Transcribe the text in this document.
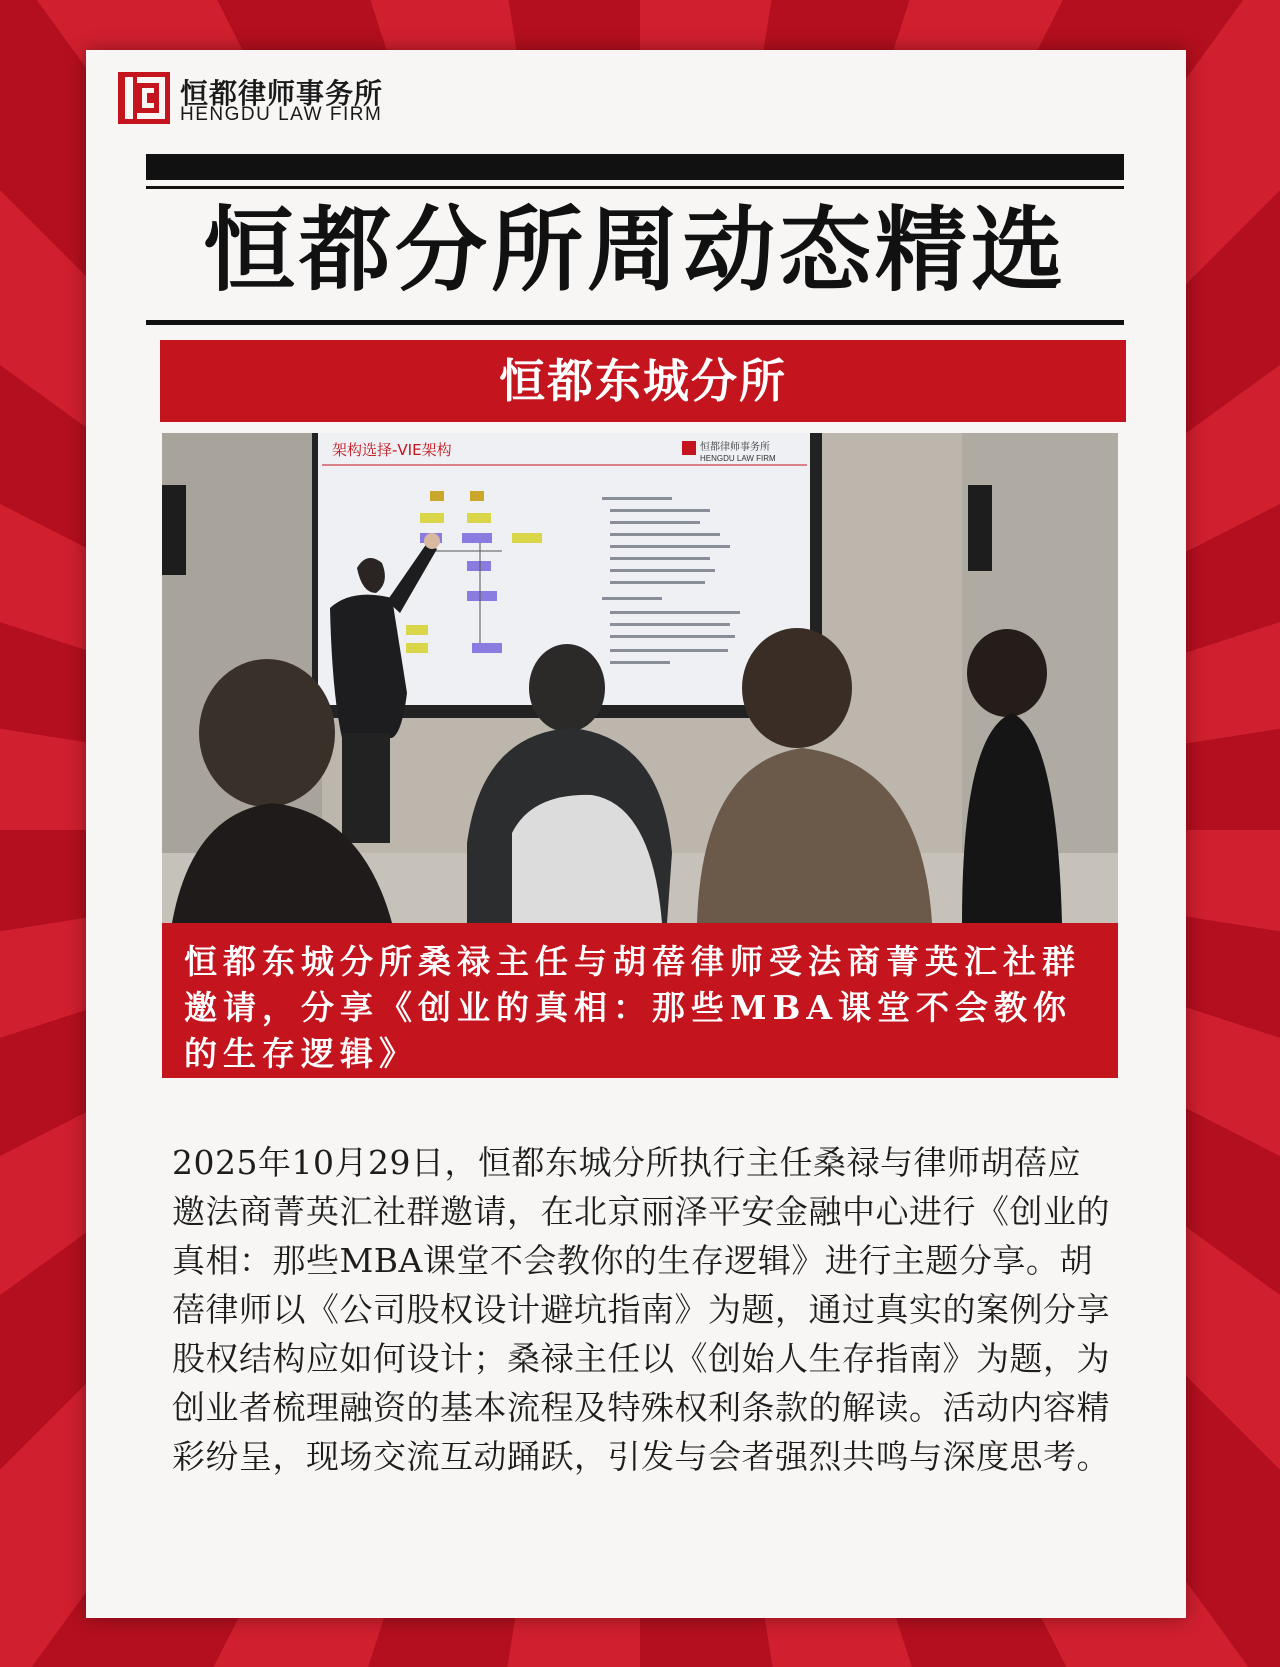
恒都律师事务所
HENGDU LAW FIRM
恒都分所周动态精选
恒都东城分所
架构选择-VIE架构	恒都律师事务所
HENGDU LAW FIRM
恒都东城分所桑禄主任与胡蓓律师受法商菁英汇社群邀请，分享《创业的真相：那些MBA课堂不会教你的生存逻辑》
2025年10月29日，恒都东城分所执行主任桑禄与律师胡蓓应邀法商菁英汇社群邀请，在北京丽泽平安金融中心进行《创业的真相：那些MBA课堂不会教你的生存逻辑》进行主题分享。胡蓓律师以《公司股权设计避坑指南》为题，通过真实的案例分享股权结构应如何设计；桑禄主任以《创始人生存指南》为题，为创业者梳理融资的基本流程及特殊权利条款的解读。活动内容精彩纷呈，现场交流互动踊跃，引发与会者强烈共鸣与深度思考。
